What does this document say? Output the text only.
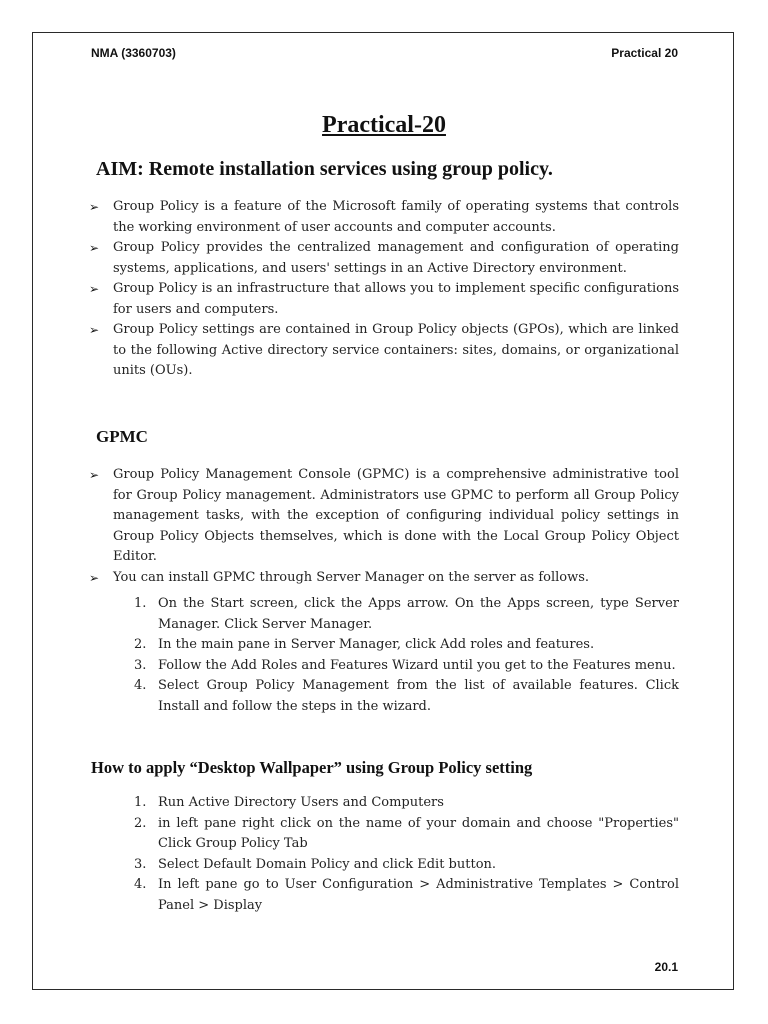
NMA (3360703)	Practical 20
Practical-20
AIM: Remote installation services using group policy.
➢ Group Policy is a feature of the Microsoft family of operating systems that controls the working environment of user accounts and computer accounts.
➢ Group Policy provides the centralized management and configuration of operating systems, applications, and users' settings in an Active Directory environment.
➢ Group Policy is an infrastructure that allows you to implement specific configurations for users and computers.
➢ Group Policy settings are contained in Group Policy objects (GPOs), which are linked to the following Active directory service containers: sites, domains, or organizational units (OUs).
GPMC
➢ Group Policy Management Console (GPMC) is a comprehensive administrative tool for Group Policy management. Administrators use GPMC to perform all Group Policy management tasks, with the exception of configuring individual policy settings in Group Policy Objects themselves, which is done with the Local Group Policy Object Editor.
➢ You can install GPMC through Server Manager on the server as follows.
1. On the Start screen, click the Apps arrow. On the Apps screen, type Server Manager. Click Server Manager.
2. In the main pane in Server Manager, click Add roles and features.
3. Follow the Add Roles and Features Wizard until you get to the Features menu.
4. Select Group Policy Management from the list of available features. Click Install and follow the steps in the wizard.
How to apply “Desktop Wallpaper” using Group Policy setting
1. Run Active Directory Users and Computers
2. in left pane right click on the name of your domain and choose "Properties" Click Group Policy Tab
3. Select Default Domain Policy and click Edit button.
4. In left pane go to User Configuration > Administrative Templates > Control Panel > Display
20.1
